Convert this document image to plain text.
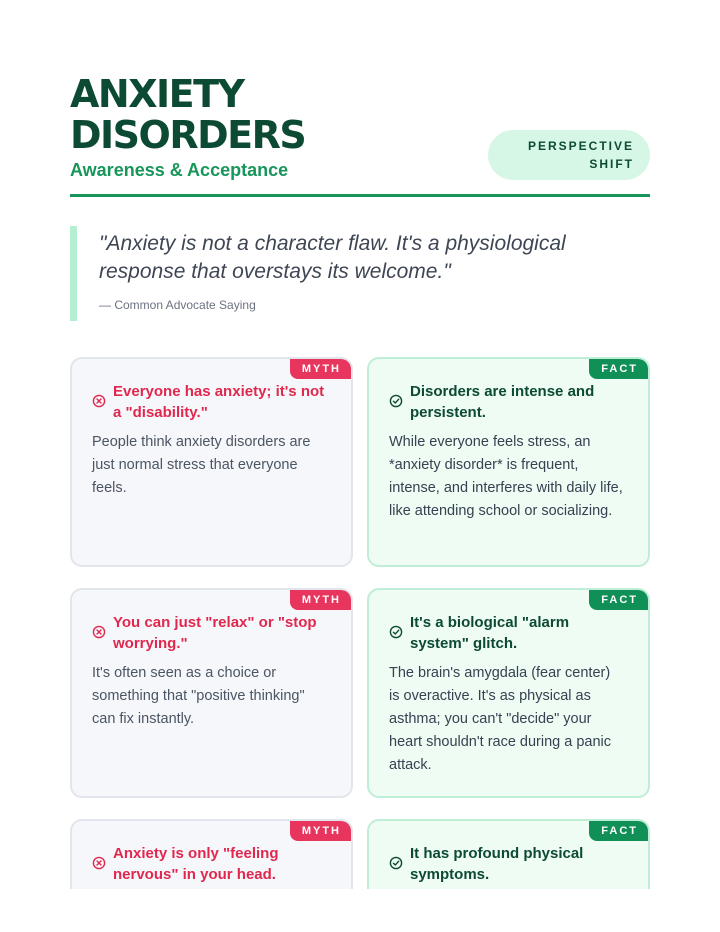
ANXIETY
DISORDERS
Awareness & Acceptance
PERSPECTIVE
SHIFT

"Anxiety is not a character flaw. It's a physiological response that overstays its welcome."

— Common Advocate Saying
MYTH
Everyone has anxiety; it's not a "disability."
People think anxiety disorders are just normal stress that everyone feels.
FACT
Disorders are intense and persistent.
While everyone feels stress, an *anxiety disorder* is frequent, intense, and interferes with daily life, like attending school or socializing.
MYTH
You can just "relax" or "stop worrying."
It's often seen as a choice or something that "positive thinking" can fix instantly.
FACT
It's a biological "alarm system" glitch.
The brain's amygdala (fear center) is overactive. It's as physical as asthma; you can't "decide" your heart shouldn't race during a panic attack.
MYTH
Anxiety is only "feeling nervous" in your head.
FACT
It has profound physical symptoms.
